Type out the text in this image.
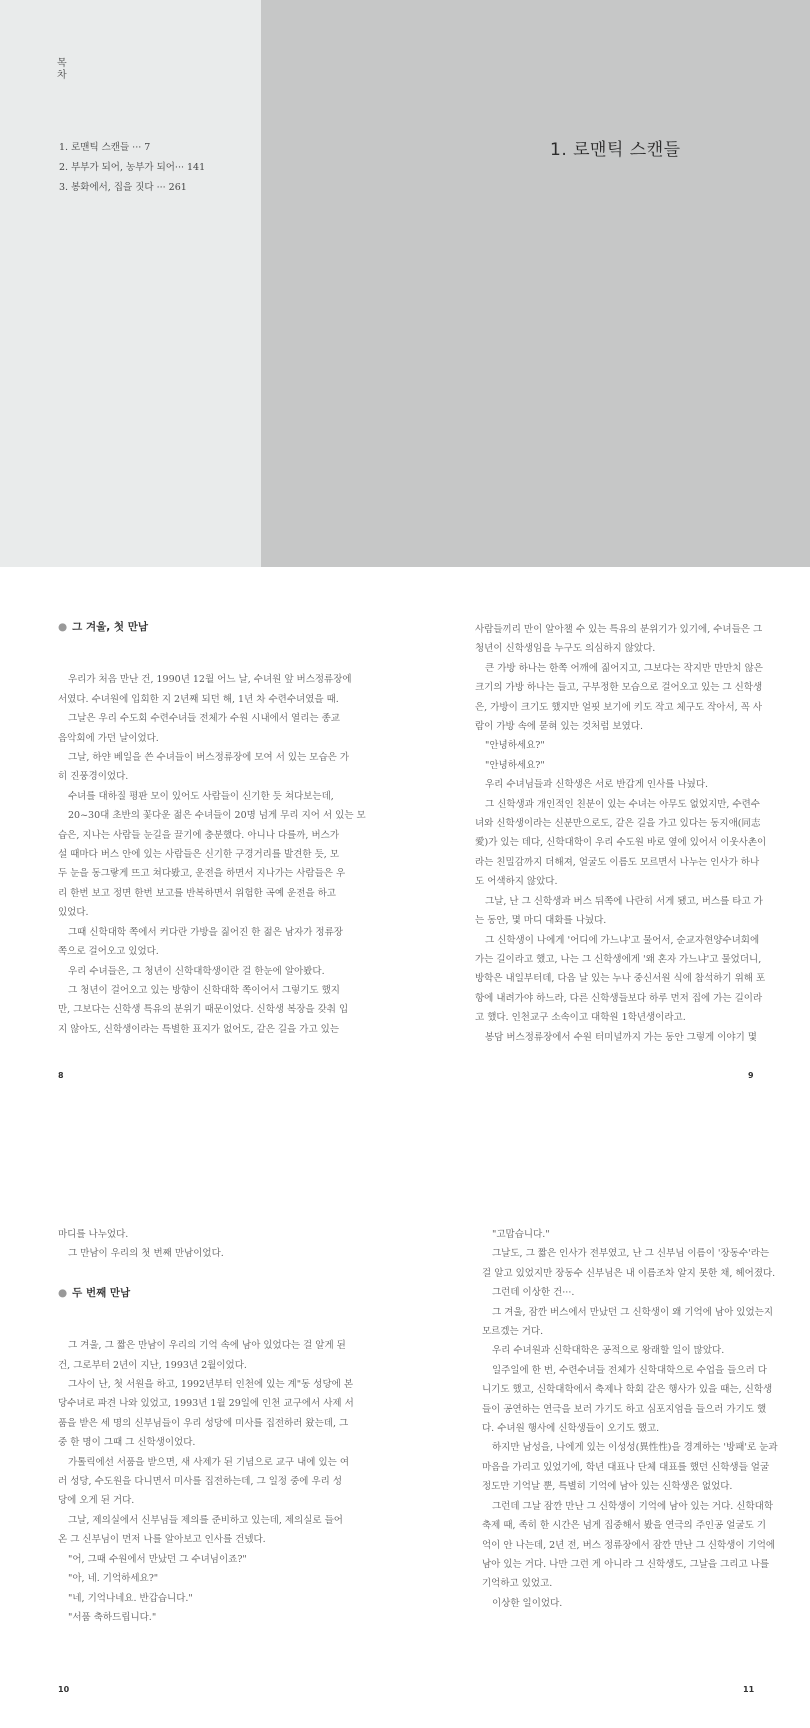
목차
1. 로맨틱 스캔들 ··· 7
2. 부부가 되어, 농부가 되어··· 141
3. 봉화에서, 집을 짓다 ··· 261
1. 로맨틱 스캔들

● 그 겨울, 첫 만남

우리가 처음 만난 건, 1990년 12월 어느 날, 수녀원 앞 버스정류장에

서였다. 수녀원에 입회한 지 2년째 되던 해, 1년 차 수련수녀였을 때.

그날은 우리 수도회 수련수녀들 전체가 수원 시내에서 열리는 종교

음악회에 가던 날이었다.

그날, 하얀 베일을 쓴 수녀들이 버스정류장에 모여 서 있는 모습은 가

히 진풍경이었다.

수녀를 대하질 평판 모이 있어도 사람들이 신기한 듯 쳐다보는데,

20~30대 초반의 꽃다운 젊은 수녀들이 20명 넘게 무리 지어 서 있는 모

습은, 지나는 사람들 눈길을 끌기에 충분했다. 아니나 다를까, 버스가

설 때마다 버스 안에 있는 사람들은 신기한 구경거리를 발견한 듯, 모

두 눈을 동그랗게 뜨고 쳐다봤고, 운전을 하면서 지나가는 사람들은 우

리 한번 보고 정면 한번 보고를 반복하면서 위험한 곡예 운전을 하고

있었다.

그때 신학대학 쪽에서 커다란 가방을 짊어진 한 젊은 남자가 정류장

쪽으로 걸어오고 있었다.

우리 수녀들은, 그 청년이 신학대학생이란 걸 한눈에 알아봤다.

그 청년이 걸어오고 있는 방향이 신학대학 쪽이어서 그렇기도 했지

만, 그보다는 신학생 특유의 분위기 때문이었다. 신학생 복장을 갖춰 입

지 않아도, 신학생이라는 특별한 표지가 없어도, 같은 길을 가고 있는

8

사람들끼리 만이 알아챌 수 있는 특유의 분위기가 있기에, 수녀들은 그

청년이 신학생임을 누구도 의심하지 않았다.

큰 가방 하나는 한쪽 어깨에 짊어지고, 그보다는 작지만 만만치 않은

크기의 가방 하나는 들고, 구부정한 모습으로 걸어오고 있는 그 신학생

은, 가방이 크기도 했지만 얼핏 보기에 키도 작고 체구도 작아서, 꼭 사

람이 가방 속에 묻혀 있는 것처럼 보였다.

"안녕하세요?"

"안녕하세요?"

우리 수녀님들과 신학생은 서로 반갑게 인사를 나눴다.

그 신학생과 개인적인 친분이 있는 수녀는 아무도 없었지만, 수련수

녀와 신학생이라는 신분만으로도, 같은 길을 가고 있다는 동지애(同志

愛)가 있는 데다, 신학대학이 우리 수도원 바로 옆에 있어서 이웃사촌이

라는 친밀감까지 더해져, 얼굴도 이름도 모르면서 나누는 인사가 하나

도 어색하지 않았다.

그날, 난 그 신학생과 버스 뒤쪽에 나란히 서게 됐고, 버스를 타고 가

는 동안, 몇 마디 대화를 나눴다.

그 신학생이 나에게 '어디에 가느냐'고 물어서, 순교자현양수녀회에

가는 길이라고 했고, 나는 그 신학생에게 '왜 혼자 가느냐'고 물었더니,

방학은 내일부터데, 다음 날 있는 누나 중신서원 식에 참석하기 위해 포

항에 내려가야 하느라, 다른 신학생들보다 하루 먼저 집에 가는 길이라

고 했다. 인천교구 소속이고 대학원 1학년생이라고.

봉담 버스정류장에서 수원 터미널까지 가는 동안 그렇게 이야기 몇

9

마디를 나누었다.

그 만남이 우리의 첫 번째 만남이었다.

● 두 번째 만남

그 겨울, 그 짧은 만남이 우리의 기억 속에 남아 있었다는 걸 알게 된

건, 그로부터 2년이 지난, 1993년 2월이었다.

그사이 난, 첫 서원을 하고, 1992년부터 인천에 있는 계"동 성당에 본

당수녀로 파견 나와 있었고, 1993년 1월 29일에 인천 교구에서 사제 서

품을 받은 세 명의 신부님들이 우리 성당에 미사를 집전하러 왔는데, 그

중 한 명이 그때 그 신학생이었다.

가톨릭에선 서품을 받으면, 새 사제가 된 기념으로 교구 내에 있는 여

러 성당, 수도원을 다니면서 미사를 집전하는데, 그 일정 중에 우리 성

당에 오게 된 거다.

그날, 제의실에서 신부님들 제의를 준비하고 있는데, 제의실로 들어

온 그 신부님이 먼저 나를 알아보고 인사를 건넸다.

"어, 그때 수원에서 만났던 그 수녀님이죠?"

"아, 네. 기억하세요?"

"네, 기억나네요. 반갑습니다."

"서품 축하드립니다."

10

"고맙습니다."

그날도, 그 짧은 인사가 전부였고, 난 그 신부님 이름이 '장동수'라는

걸 알고 있었지만 장동수 신부님은 내 이름조차 알지 못한 채, 헤어졌다.

그런데 이상한 건···.

그 겨울, 잠깐 버스에서 만났던 그 신학생이 왜 기억에 남아 있었는지

모르겠는 거다.

우리 수녀원과 신학대학은 공적으로 왕래할 일이 많았다.

일주일에 한 번, 수련수녀들 전체가 신학대학으로 수업을 들으러 다

니기도 했고, 신학대학에서 축제나 학회 같은 행사가 있을 때는, 신학생

들이 공연하는 연극을 보러 가기도 하고 심포지엄을 들으러 가기도 했

다. 수녀원 행사에 신학생들이 오기도 했고.

하지만 남성을, 나에게 있는 이성성(異性性)을 경계하는 '방패'로 눈과

마음을 가리고 있었기에, 학년 대표나 단체 대표를 했던 신학생들 얼굴

정도만 기억날 뿐, 특별히 기억에 남아 있는 신학생은 없었다.

그런데 그날 잠깐 만난 그 신학생이 기억에 남아 있는 거다. 신학대학

축제 때, 족히 한 시간은 넘게 집중해서 봤을 연극의 주인공 얼굴도 기

억이 안 나는데, 2년 전, 버스 정류장에서 잠깐 만난 그 신학생이 기억에

남아 있는 거다. 나만 그런 게 아니라 그 신학생도, 그날을 그리고 나를

기억하고 있었고.

이상한 일이었다.

11
